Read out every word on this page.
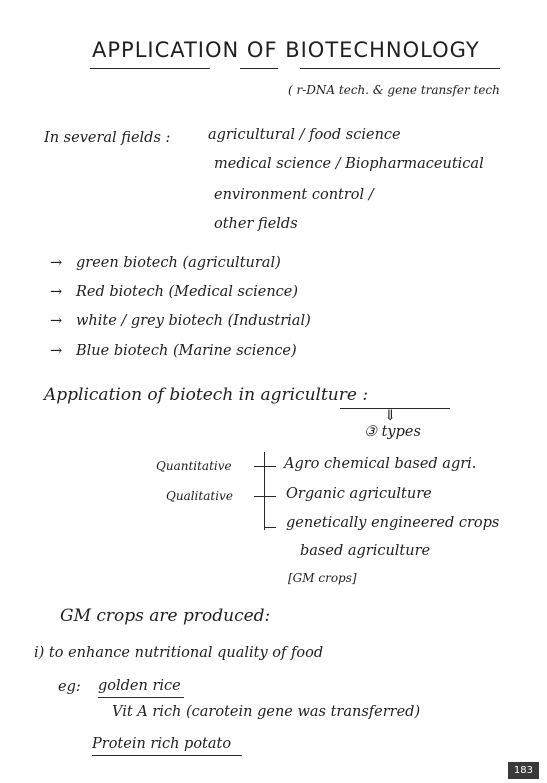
APPLICATION OF BIOTECHNOLOGY
( r-DNA tech. & gene transfer tech
In several fields :	agricultural / food science
medical science / Biopharmaceutical
environment control /
other fields
→ green biotech (agricultural)
→ Red biotech (Medical science)
→ white / grey biotech (Industrial)
→ Blue biotech (Marine science)
Application of biotech in agriculture :
⇓
③ types
Quantitative
Qualitative
Agro chemical based agri.
Organic agriculture
genetically engineered crops
based agriculture
[GM crops]
GM crops are produced:
i) to enhance nutritional quality of food
eg: golden rice
Vit A rich (carotein gene was transferred)
Protein rich potato
183
